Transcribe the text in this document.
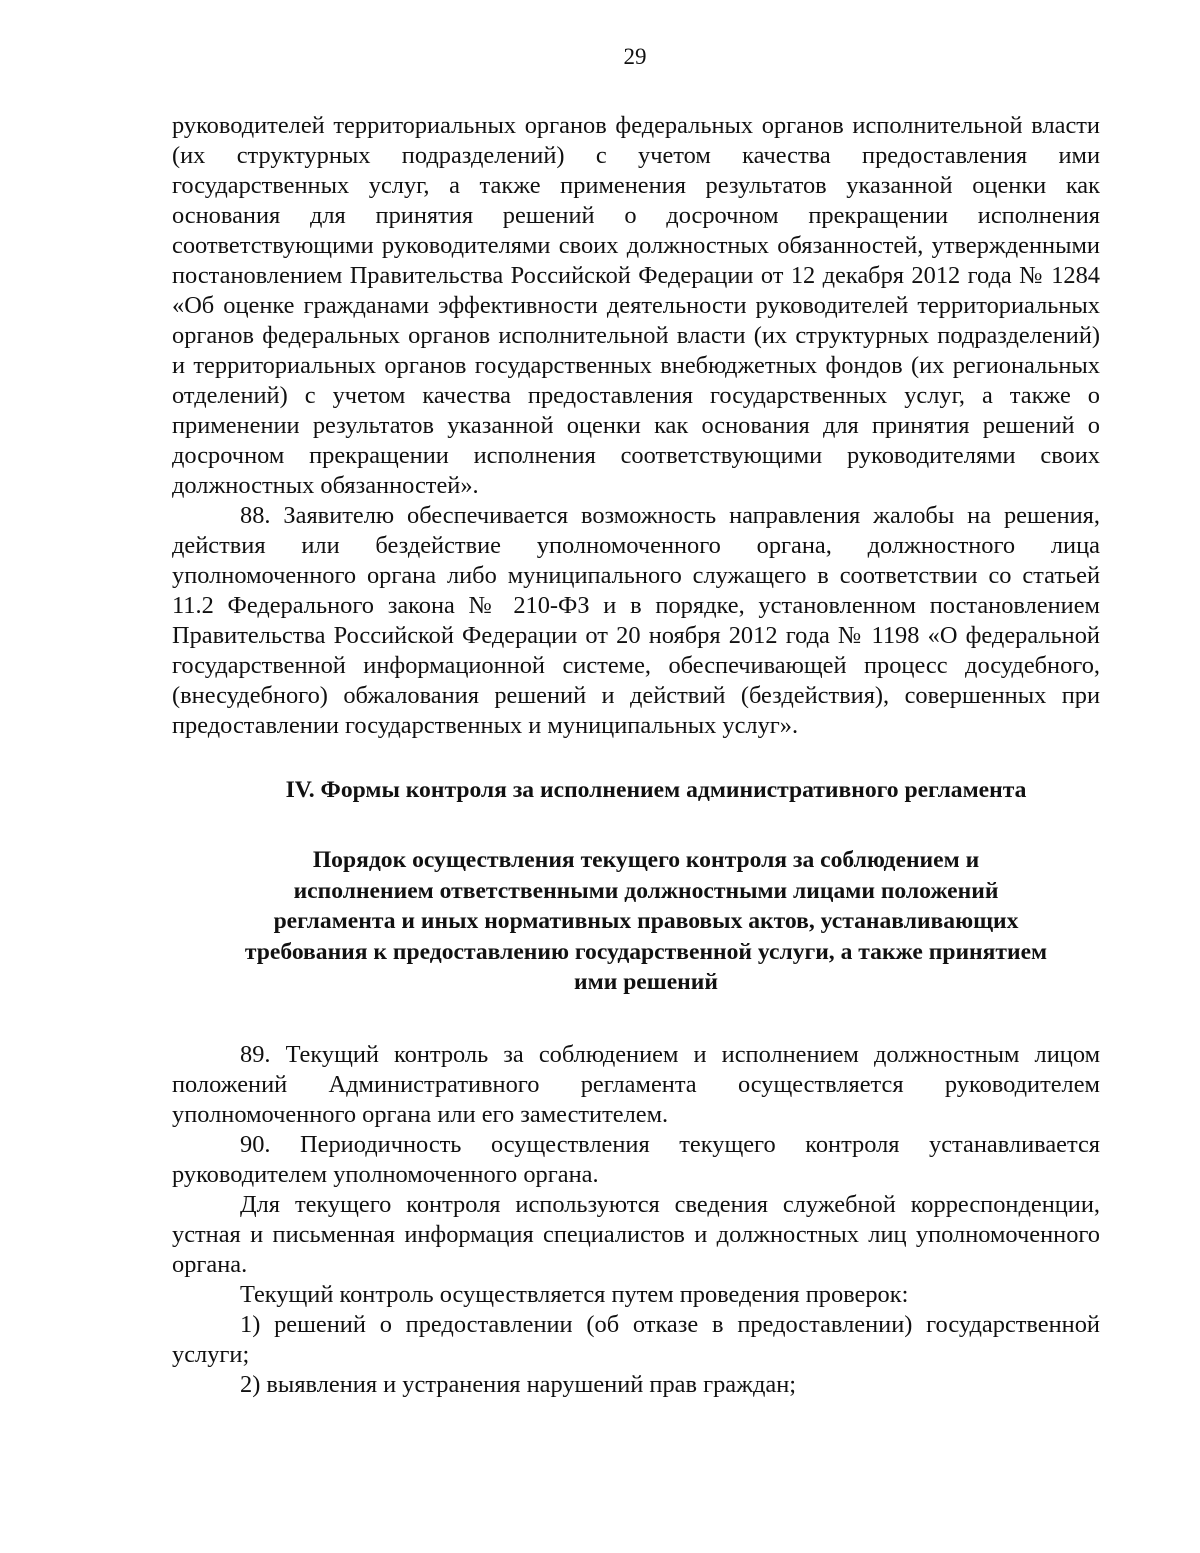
29

руководителей территориальных органов федеральных органов исполнительной власти (их структурных подразделений) с учетом качества предоставления ими государственных услуг, а также применения результатов указанной оценки как основания для принятия решений о досрочном прекращении исполнения соответствующими руководителями своих должностных обязанностей, утвержденными постановлением Правительства Российской Федерации от 12 декабря 2012 года № 1284 «Об оценке гражданами эффективности деятельности руководителей территориальных органов федеральных органов исполнительной власти (их структурных подразделений) и территориальных органов государственных внебюджетных фондов (их региональных отделений) с учетом качества предоставления государственных услуг, а также о применении результатов указанной оценки как основания для принятия решений о досрочном прекращении исполнения соответствующими руководителями своих должностных обязанностей».

88. Заявителю обеспечивается возможность направления жалобы на решения, действия или бездействие уполномоченного органа, должностного лица уполномоченного органа либо муниципального служащего в соответствии со статьей 11.2 Федерального закона № 210-ФЗ и в порядке, установленном постановлением Правительства Российской Федерации от 20 ноября 2012 года № 1198 «О федеральной государственной информационной системе, обеспечивающей процесс досудебного, (внесудебного) обжалования решений и действий (бездействия), совершенных при предоставлении государственных и муниципальных услуг».

IV. Формы контроля за исполнением административного регламента
Порядок осуществления текущего контроля за соблюдением и
исполнением ответственными должностными лицами положений
регламента и иных нормативных правовых актов, устанавливающих
требования к предоставлению государственной услуги, а также принятием
ими решений

89. Текущий контроль за соблюдением и исполнением должностным лицом положений Административного регламента осуществляется руководителем уполномоченного органа или его заместителем.

90. Периодичность осуществления текущего контроля устанавливается руководителем уполномоченного органа.

Для текущего контроля используются сведения служебной корреспонденции, устная и письменная информация специалистов и должностных лиц уполномоченного органа.

Текущий контроль осуществляется путем проведения проверок:

1) решений о предоставлении (об отказе в предоставлении) государственной услуги;

2) выявления и устранения нарушений прав граждан;
